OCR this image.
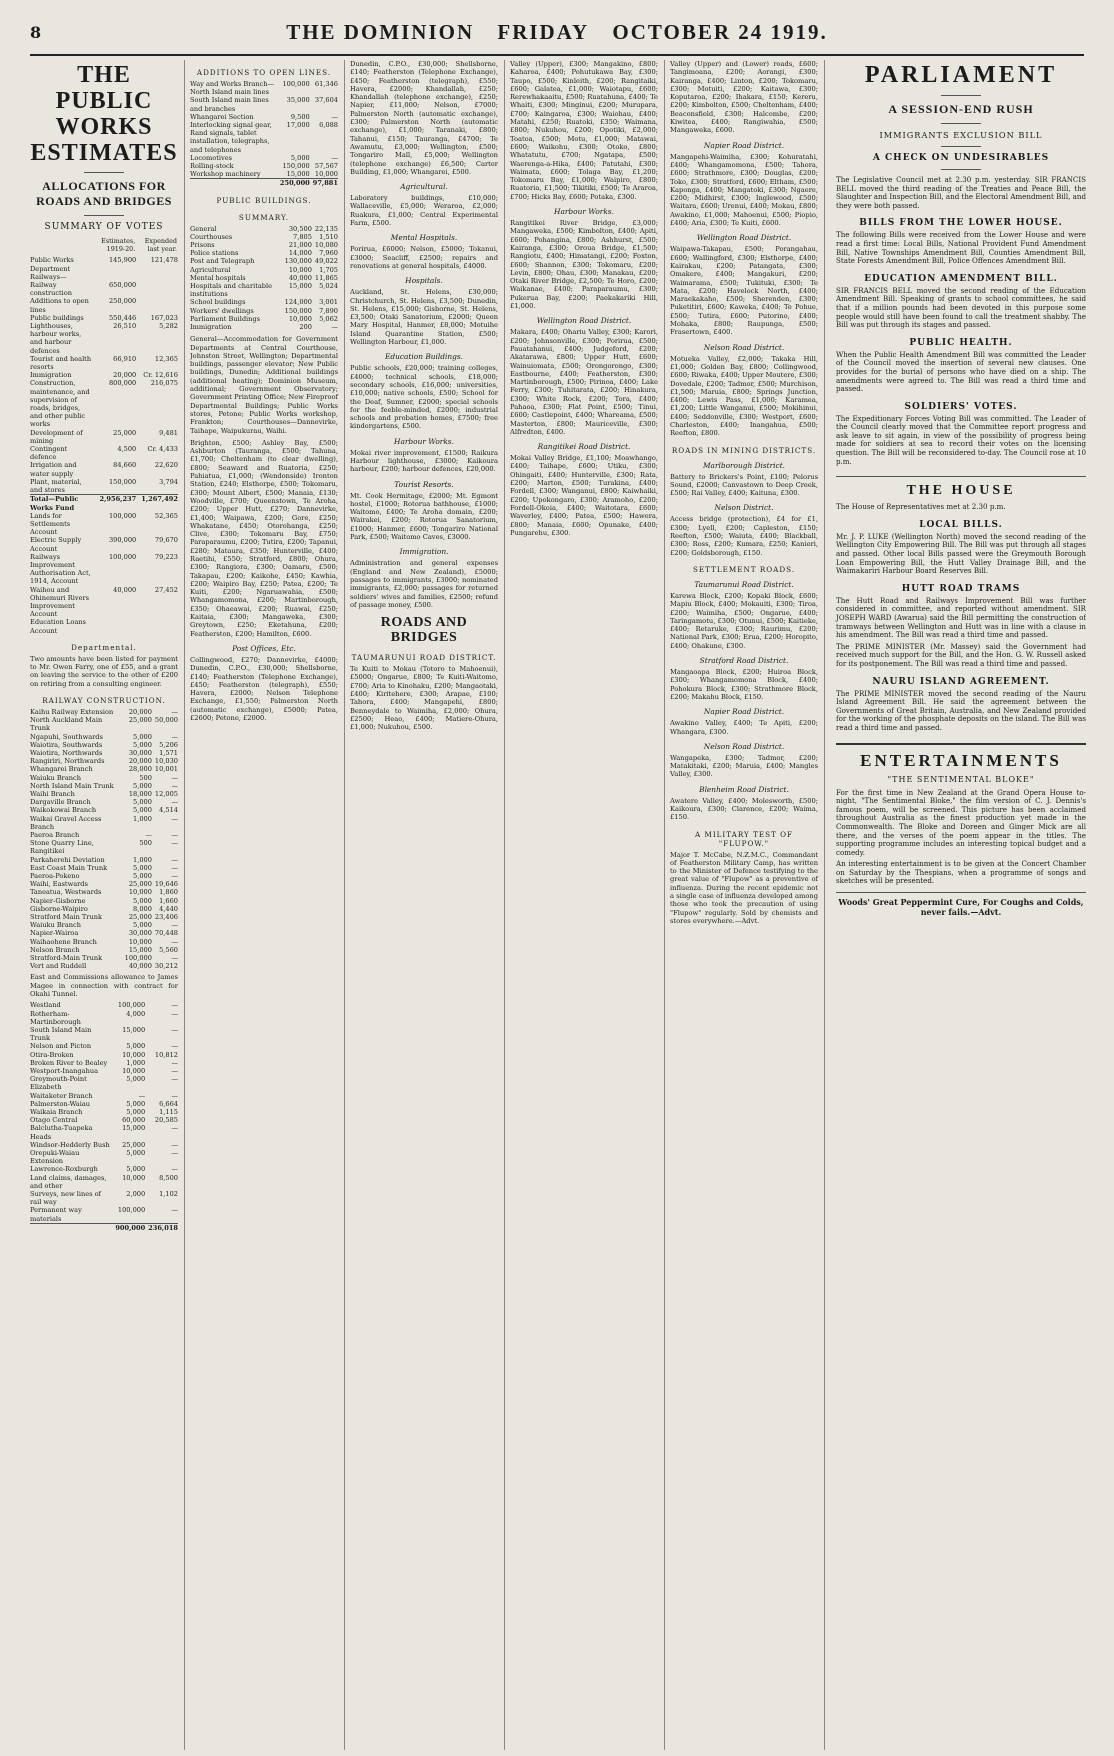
8	THE DOMINION FRIDAY OCTOBER 24 1919.
THE PUBLIC WORKS ESTIMATES
ALLOCATIONS FOR ROADS AND BRIDGES
SUMMARY OF VOTES
	Estimates, 1919-20.	Expended last year.
Public Works Department	145,900	121,478
Railways—		
Railway construction	650,000	
Additions to open lines	250,000	
Public buildings	550,446	167,023
Lighthouses, harbour works, and harbour defences	26,510	5,282
Tourist and health resorts	66,910	12,365
Immigration	20,000	Cr. 12,616
Construction, maintenance, and supervision of roads, bridges, and other public works	800,000	216,075
Development of mining	25,000	9,481
Contingent defence	4,500	Cr. 4,433
Irrigation and water supply	84,660	22,620
Plant, material, and stores	150,000	3,794
Total—Public Works Fund	2,956,237	1,267,492
Lands for Settlements Account	100,000	52,365
Electric Supply Account	390,000	79,670
Railways Improvement Authorisation Act, 1914, Account	100,000	79,223
Waihou and Ohinemuri Rivers Improvement Account	40,000	27,452
Education Loans Account		
Departmental.
Two amounts have been listed for payment to Mr. Owen Farry, one of £55, and a grant on leaving the service to the other of £200 on retiring from a consulting engineer.
RAILWAY CONSTRUCTION.
Kaihu Railway Extension	20,000	—
North Auckland Main Trunk	25,000	50,000
Ngapuhi, Southwards	5,000	—
Waiotira, Southwards	5,000	5,206
Waiotira, Northwards	30,000	1,571
Rangiriri, Northwards	20,000	10,030
Whangarei Branch	28,000	10,001
Waiuku Branch	500	—
North Island Main Trunk	5,000	—
Waihi Branch	18,000	12,005
Dargaville Branch	5,000	—
Waikokowai Branch	5,000	4,514
Waikai Gravel Access Branch	1,000	—
Paeroa Branch	—	—
Stone Quarry Line, Rangitikei	500	—
Parkaherehi Deviation	1,000	—
East Coast Main Trunk	5,000	—
Paeroa-Pokeno	5,000	—
Waihi, Eastwards	25,000	19,646
Taneatua, Westwards	10,000	1,860
Napier-Gisborne	5,000	1,660
Gisborne-Waipiro	8,000	4,440
Stratford Main Trunk	25,000	23,406
Waiuku Branch	5,000	—
Napier-Wairoa	30,000	70,448
Waihaohene Branch	10,000	—
Nelson Branch	15,000	5,560
Stratford-Main Trunk	100,000	—
Vert and Ruddell	40,000	30,212
East and Commissions allowance to James Magee in connection with contract for Okahi Tunnel.
Westland	100,000	—
Rotherham-Martinborough	4,000	—
South Island Main Trunk	15,000	—
Nelson and Picton	5,000	—
Otira-Broken	10,000	10,812
Broken River to Bealey	1,000	—
Westport-Inangahua	10,000	—
Greymouth-Point Elizabeth	5,000	—
Waitaketer Branch	—	—
Palmerston-Waiau	5,000	6,664
Waikaia Branch	5,000	1,115
Otago Central	60,000	20,585
Balclutha-Tuapeka Heads	15,000	—
Windsor-Hedderly Bush	25,000	—
Orepuki-Waiau Extension	5,000	—
Lawrence-Roxburgh	5,000	—
Land claims, damages, and other	10,000	8,500
Surveys, new lines of rail way	2,000	1,102
Permanent way materials	100,000	—
	900,000	236,018
ADDITIONS TO OPEN LINES.
Way and Works Branch—North Island main lines	100,000	61,346
South Island main lines and branches	35,000	37,604
Whangarei Section	9,500	—
Interlocking signal gear, Rand signals, tablet installation, telegraphs, and telephones	17,000	6,088
Locomotives	5,000	—
Rolling-stock	150,000	57,567
Workshop machinery	15,000	10,000
	250,000	97,881
PUBLIC BUILDINGS.
SUMMARY.
General	30,500	22,135
Courthouses	7,805	1,510
Prisons	21,000	10,080
Police stations	14,000	7,960
Post and Telegraph	130,000	49,022
Agricultural	10,000	1,705
Mental hospitals	40,000	11,865
Hospitals and charitable institutions	15,000	5,024
School buildings	124,000	3,001
Workers' dwellings	150,000	7,890
Parliament Buildings	10,000	5,062
Immigration	200	—
General—Accommodation for Government Departments at Central Courthouse, Johnston Street, Wellington; Departmental buildings, passenger elevator; New Public buildings, Dunedin; Additional buildings (additional heating); Dominion Museum, additional; Government Observatory; Government Printing Office; New Fireproof Departmental Buildings; Public Works stores, Petone; Public Works workshop, Frankton; Courthouses—Dannevirke, Taihape, Waipukurau, Waihi.
Brighton, £500; Ashley Bay, £500; Ashburton (Tauranga, £500; Tahuna, £1,700; Cheltenham (to clear dwelling), £800; Seaward and Ruatoria, £250; Pahiatua, £1,000; (Wendonside) Ironton Station, £240; Elsthorpe, £500; Tokomaru, £300; Mount Albert, £500; Manaia, £130; Woodville, £700; Queenstown, Te Aroha, £200; Upper Hutt, £270; Dannevirke, £1,400; Waipawa, £200; Gore, £250; Whakatane, £450; Otorohanga, £250; Clive, £300; Tokomaru Bay, £750; Paraparaumu, £200; Tutira, £200; Tapanui, £280; Mataura, £350; Hunterville, £400; Raetihi, £550; Stratford, £800; Ohura, £300; Rangiora, £300; Oamaru, £500; Takapau, £200; Kaikohe, £450; Kawhia, £200; Waipiro Bay, £250; Patea, £200; Te Kuiti, £200; Ngaruawahia, £500; Whangamomona, £200; Martinborough, £350; Ohaeawai, £200; Ruawai, £250; Kaitaia, £300; Mangaweka, £300; Greytown, £250; Eketahuna, £200; Featherston, £200; Hamilton, £600.
Post Offices, Etc.
Collingwood, £270; Dannevirke, £4000; Dunedin, C.P.O., £30,000; Shellsborne, £140; Featherston (Telephone Exchange), £450; Featherston (telegraph), £550; Havera, £2000; Nelson Telephone Exchange, £1,550; Palmerston North (automatic exchange), £5000; Patea, £2600; Petone, £2000.
Dunedin, C.P.O., £30,000; Shellsborne, £140; Featherston (Telephone Exchange), £450; Featherston (telegraph), £550; Havera, £2000; Khandallah, £250; Khandallah (telephone exchange), £250; Napier, £11,000; Nelson, £7000; Palmerston North (automatic exchange), £300; Palmerston North (automatic exchange), £1,000; Taranaki, £800; Tahanui, £150; Tauranga, £4700; Te Awamutu, £3,000; Wellington, £500; Tongariro Mall, £5,000; Wellington (telephone exchange) £6,500; Carter Building, £1,000; Whangarei, £500.
Agricultural.
Laboratory buildings, £10,000; Wallaceville, £5,000; Weraroa, £2,000; Ruakura, £1,000; Central Experimental Farm, £500.
Mental Hospitals.
Porirua, £6000; Nelson, £5000; Tokanui, £3000; Seacliff, £2500; repairs and renovations at general hospitals, £4000.
Hospitals.
Auckland, St. Helens, £30,000; Christchurch, St. Helens, £3,500; Dunedin, St. Helens, £15,000; Gisborne, St. Helens, £3,500; Otaki Sanatorium, £2000; Queen Mary Hospital, Hanmer, £8,000; Motuihe Island Quarantine Station, £500; Wellington Harbour, £1,000.
Education Buildings.
Public schools, £20,000; training colleges, £4000; technical schools, £18,000; secondary schools, £16,000; universities, £10,000; native schools, £500; School for the Deaf, Sumner, £2000; special schools for the feeble-minded, £2000; industrial schools and probation homes, £7500; free kindergartens, £500.
Harbour Works.
Mokai river improvement, £1500; Raikura Harbour lighthouse, £3000; Kaikoura harbour, £200; harbour defences, £20,000.
Tourist Resorts.
Mt. Cook Hermitage, £2000; Mt. Egmont hostel, £1000; Rotorua bathhouse, £1000; Waitomo, £400; Te Aroha domain, £200; Wairakei, £200; Rotorua Sanatorium, £1000; Hanmer, £600; Tongariro National Park, £500; Waitomo Caves, £3000.
Immigration.
Administration and general expenses (England and New Zealand), £5000; passages to immigrants, £3000; nominated immigrants, £2,000; passages for returned soldiers' wives and families, £2500; refund of passage money, £500.
ROADS AND BRIDGES
TAUMARUNUI ROAD DISTRICT.
Te Kuiti to Mokau (Totoro to Mahoenui), £5000; Ongarue, £800; Te Kuiti-Waitomo, £700; Aria to Kinohaku, £200; Mangaotaki, £400; Kiritehere, £300; Arapae, £100; Tahora, £400; Mangapehi, £800; Benneydale to Waimiha, £2,000; Ohura, £2500; Heao, £400; Matiere-Ohura, £1,000; Nukuhou, £500.
Valley (Upper), £300; Mangakino, £800; Kaharoa, £400; Pohutukawa Bay, £300; Taupo, £500; Kinleith, £200; Rangitaiki, £600; Galatea, £1,000; Waiotapu, £600; Rerewhakaaitu, £500; Ruatahuna, £400; Te Whaiti, £300; Minginui, £200; Murupara, £700; Kaingaroa, £300; Waiohau, £400; Matahi, £250; Ruatoki, £350; Waimana, £800; Nukuhou, £200; Opotiki, £2,000; Toatoa, £500; Motu, £1,000; Matawai, £600; Waikohu, £300; Otoko, £800; Whatatutu, £700; Ngatapa, £500; Waerenga-a-Hika, £400; Patutahi, £300; Waimata, £600; Tolaga Bay, £1,200; Tokomaru Bay, £1,000; Waipiro, £800; Ruatoria, £1,500; Tikitiki, £500; Te Araroa, £700; Hicks Bay, £600; Potaka, £300.
Harbour Works.
Rangitikei River Bridge, £3,000; Mangaweka, £500; Kimbolton, £400; Apiti, £600; Pohangina, £800; Ashhurst, £500; Kairanga, £300; Oroua Bridge, £1,500; Rangiotu, £400; Himatangi, £200; Foxton, £600; Shannon, £300; Tokomaru, £200; Levin, £800; Ohau, £300; Manakau, £200; Otaki River Bridge, £2,500; Te Horo, £200; Waikanae, £400; Paraparaumu, £300; Pukerua Bay, £200; Paekakariki Hill, £1,000.
Wellington Road District.
Makara, £400; Ohariu Valley, £300; Karori, £200; Johnsonville, £300; Porirua, £500; Pauatahanui, £400; Judgeford, £200; Akatarawa, £800; Upper Hutt, £600; Wainuiomata, £500; Orongorongo, £300; Eastbourne, £400; Featherston, £300; Martinborough, £500; Pirinoa, £400; Lake Ferry, £300; Tuhitarata, £200; Hinakura, £300; White Rock, £200; Tora, £400; Pahaoa, £300; Flat Point, £500; Tinui, £600; Castlepoint, £400; Whareama, £500; Masterton, £800; Mauriceville, £300; Alfredton, £400.
Rangitikei Road District.
Mokai Valley Bridge, £1,100; Moawhango, £400; Taihape, £600; Utiku, £300; Ohingaiti, £400; Hunterville, £300; Rata, £200; Marton, £500; Turakina, £400; Fordell, £300; Wanganui, £800; Kaiwhaiki, £200; Upokongaro, £300; Aramoho, £200; Fordell-Okoia, £400; Waitotara, £600; Waverley, £400; Patea, £500; Hawera, £800; Manaia, £600; Opunake, £400; Pungarehu, £300.
Valley (Upper) and (Lower) roads, £600; Tangimoana, £200; Aorangi, £300; Kairanga, £400; Linton, £200; Tokomaru, £300; Motuiti, £200; Kaitawa, £300; Koputaroa, £200; Ihakara, £150; Kereru, £200; Kimbolton, £500; Cheltenham, £400; Beaconsfield, £300; Halcombe, £200; Kiwitea, £400; Rangiwahia, £500; Mangaweka, £600.
Napier Road District.
Mangapehi-Waimiha, £300; Kohuratahi, £400; Whangamomona, £500; Tahora, £600; Strathmore, £300; Douglas, £200; Toko, £300; Stratford, £600; Eltham, £500; Kaponga, £400; Mangatoki, £300; Ngaere, £200; Midhirst, £300; Inglewood, £500; Waitara, £600; Urenui, £400; Mokau, £800; Awakino, £1,000; Mahoenui, £500; Piopio, £400; Aria, £300; Te Kuiti, £600.
Wellington Road District.
Waipawa-Takapau, £500; Porangahau, £600; Wallingford, £300; Elsthorpe, £400; Kairakau, £200; Patangata, £300; Omakere, £400; Mangakuri, £200; Waimarama, £500; Tukituki, £300; Te Mata, £200; Havelock North, £400; Maraekakaho, £500; Sherenden, £300; Puketitiri, £600; Kaweka, £400; Te Pohue, £500; Tutira, £600; Putorino, £400; Mohaka, £800; Raupunga, £500; Frasertown, £400.
Nelson Road District.
Motueka Valley, £2,000; Takaka Hill, £1,000; Golden Bay, £800; Collingwood, £600; Riwaka, £400; Upper Moutere, £300; Dovedale, £200; Tadmor, £500; Murchison, £1,500; Maruia, £800; Springs Junction, £400; Lewis Pass, £1,000; Karamea, £1,200; Little Wanganui, £500; Mokihinui, £400; Seddonville, £300; Westport, £600; Charleston, £400; Inangahua, £500; Reefton, £800.
ROADS IN MINING DISTRICTS.
Marlborough District.
Battery to Brickers's Point, £100; Pelorus Sound, £2000; Canvastown to Deep Creek, £500; Rai Valley, £400; Kaituna, £300.
Nelson District.
Access bridge (protection), £4 for £1, £300; Lyell, £200; Capleston, £150; Reefton, £500; Waiuta, £400; Blackball, £300; Ross, £200; Kumara, £250; Kanieri, £200; Goldsborough, £150.
SETTLEMENT ROADS.
Taumarunui Road District.
Karewa Block, £200; Kopaki Block, £600; Mapiu Block, £400; Mokauiti, £300; Tiroa, £200; Waimiha, £500; Ongarue, £400; Taringamotu, £300; Otunui, £500; Kaitieke, £400; Retaruke, £300; Raurimu, £200; National Park, £300; Erua, £200; Horopito, £400; Ohakune, £300.
Stratford Road District.
Mangaoapa Block, £200; Huiroa Block, £300; Whangamomona Block, £400; Pohokura Block, £300; Strathmore Block, £200; Makahu Block, £150.
Napier Road District.
Awakino Valley, £400; Te Apiti, £200; Whangara, £300.
Nelson Road District.
Wangapeka, £300; Tadmor, £200; Matakitaki, £200; Maruia, £400; Mangles Valley, £300.
Blenheim Road District.
Awatere Valley, £400; Molesworth, £500; Kaikoura, £300; Clarence, £200; Waima, £150.
A MILITARY TEST OF "FLUPOW."
Major T. McCabe, N.Z.M.C., Commandant of Featherston Military Camp, has written to the Minister of Defence testifying to the great value of "Flupow" as a preventive of influenza. During the recent epidemic not a single case of influenza developed among those who took the precaution of using "Flupow" regularly. Sold by chemists and stores everywhere.—Advt.
PARLIAMENT
A SESSION-END RUSH
IMMIGRANTS EXCLUSION BILL
A CHECK ON UNDESIRABLES
The Legislative Council met at 2.30 p.m. yesterday. SIR FRANCIS BELL moved the third reading of the Treaties and Peace Bill, the Slaughter and Inspection Bill, and the Electoral Amendment Bill, and they were both passed.
BILLS FROM THE LOWER HOUSE.
The following Bills were received from the Lower House and were read a first time: Local Bills, National Provident Fund Amendment Bill, Native Townships Amendment Bill, Counties Amendment Bill, State Forests Amendment Bill, Police Offences Amendment Bill.
EDUCATION AMENDMENT BILL.
SIR FRANCIS BELL moved the second reading of the Education Amendment Bill. Speaking of grants to school committees, he said that if a million pounds had been devoted in this purpose some people would still have been found to call the treatment shabby. The Bill was put through its stages and passed.
PUBLIC HEALTH.
When the Public Health Amendment Bill was committed the Leader of the Council moved the insertion of several new clauses. One provides for the burial of persons who have died on a ship. The amendments were agreed to. The Bill was read a third time and passed.
SOLDIERS' VOTES.
The Expeditionary Forces Voting Bill was committed. The Leader of the Council clearly moved that the Committee report progress and ask leave to sit again, in view of the possibility of progress being made for soldiers at sea to record their votes on the licensing question. The Bill will be reconsidered to-day. The Council rose at 10 p.m.
THE HOUSE
The House of Representatives met at 2.30 p.m.
LOCAL BILLS.
Mr. J. P. LUKE (Wellington North) moved the second reading of the Wellington City Empowering Bill. The Bill was put through all stages and passed. Other local Bills passed were the Greymouth Borough Loan Empowering Bill, the Hutt Valley Drainage Bill, and the Waimakariri Harbour Board Reserves Bill.
HUTT ROAD TRAMS
The Hutt Road and Railways Improvement Bill was further considered in committee, and reported without amendment. SIR JOSEPH WARD (Awarua) said the Bill permitting the construction of tramways between Wellington and Hutt was in line with a clause in his amendment. The Bill was read a third time and passed.
The PRIME MINISTER (Mr. Massey) said the Government had received much support for the Bill, and the Hon. G. W. Russell asked for its postponement. The Bill was read a third time and passed.
NAURU ISLAND AGREEMENT.
The PRIME MINISTER moved the second reading of the Nauru Island Agreement Bill. He said the agreement between the Governments of Great Britain, Australia, and New Zealand provided for the working of the phosphate deposits on the island. The Bill was read a third time and passed.
ENTERTAINMENTS
"THE SENTIMENTAL BLOKE"
For the first time in New Zealand at the Grand Opera House to-night, "The Sentimental Bloke," the film version of C. J. Dennis's famous poem, will be screened. This picture has been acclaimed throughout Australia as the finest production yet made in the Commonwealth. The Bloke and Doreen and Ginger Mick are all there, and the verses of the poem appear in the titles. The supporting programme includes an interesting topical budget and a comedy.
An interesting entertainment is to be given at the Concert Chamber on Saturday by the Thespians, when a programme of songs and sketches will be presented.
Woods' Great Peppermint Cure, For Coughs and Colds, never fails.—Advt.
